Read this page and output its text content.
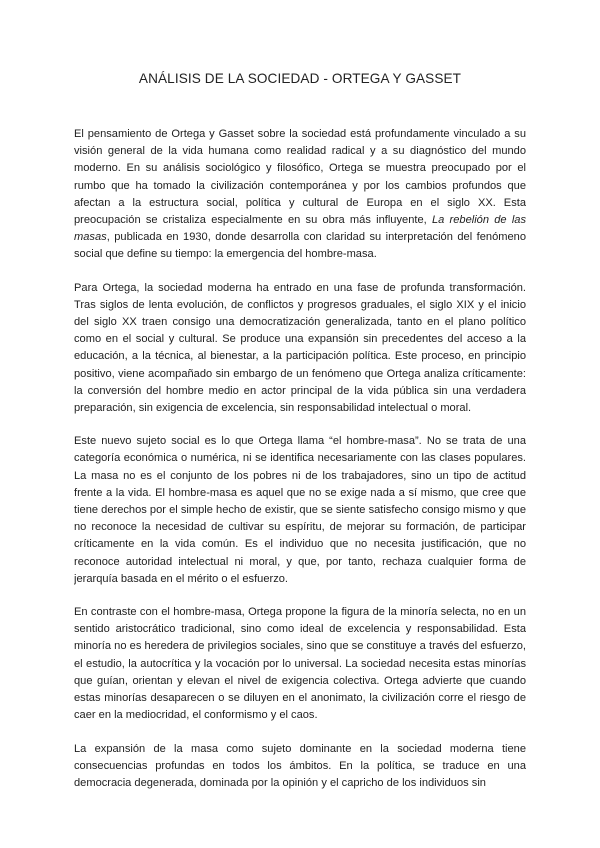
ANÁLISIS DE LA SOCIEDAD - ORTEGA Y GASSET

El pensamiento de Ortega y Gasset sobre la sociedad está profundamente vinculado a su visión general de la vida humana como realidad radical y a su diagnóstico del mundo moderno. En su análisis sociológico y filosófico, Ortega se muestra preocupado por el rumbo que ha tomado la civilización contemporánea y por los cambios profundos que afectan a la estructura social, política y cultural de Europa en el siglo XX. Esta preocupación se cristaliza especialmente en su obra más influyente, La rebelión de las masas, publicada en 1930, donde desarrolla con claridad su interpretación del fenómeno social que define su tiempo: la emergencia del hombre-masa.

Para Ortega, la sociedad moderna ha entrado en una fase de profunda transformación. Tras siglos de lenta evolución, de conflictos y progresos graduales, el siglo XIX y el inicio del siglo XX traen consigo una democratización generalizada, tanto en el plano político como en el social y cultural. Se produce una expansión sin precedentes del acceso a la educación, a la técnica, al bienestar, a la participación política. Este proceso, en principio positivo, viene acompañado sin embargo de un fenómeno que Ortega analiza críticamente: la conversión del hombre medio en actor principal de la vida pública sin una verdadera preparación, sin exigencia de excelencia, sin responsabilidad intelectual o moral.

Este nuevo sujeto social es lo que Ortega llama “el hombre-masa”. No se trata de una categoría económica o numérica, ni se identifica necesariamente con las clases populares. La masa no es el conjunto de los pobres ni de los trabajadores, sino un tipo de actitud frente a la vida. El hombre-masa es aquel que no se exige nada a sí mismo, que cree que tiene derechos por el simple hecho de existir, que se siente satisfecho consigo mismo y que no reconoce la necesidad de cultivar su espíritu, de mejorar su formación, de participar críticamente en la vida común. Es el individuo que no necesita justificación, que no reconoce autoridad intelectual ni moral, y que, por tanto, rechaza cualquier forma de jerarquía basada en el mérito o el esfuerzo.

En contraste con el hombre-masa, Ortega propone la figura de la minoría selecta, no en un sentido aristocrático tradicional, sino como ideal de excelencia y responsabilidad. Esta minoría no es heredera de privilegios sociales, sino que se constituye a través del esfuerzo, el estudio, la autocrítica y la vocación por lo universal. La sociedad necesita estas minorías que guían, orientan y elevan el nivel de exigencia colectiva. Ortega advierte que cuando estas minorías desaparecen o se diluyen en el anonimato, la civilización corre el riesgo de caer en la mediocridad, el conformismo y el caos.

La expansión de la masa como sujeto dominante en la sociedad moderna tiene consecuencias profundas en todos los ámbitos. En la política, se traduce en una democracia degenerada, dominada por la opinión y el capricho de los individuos sin
